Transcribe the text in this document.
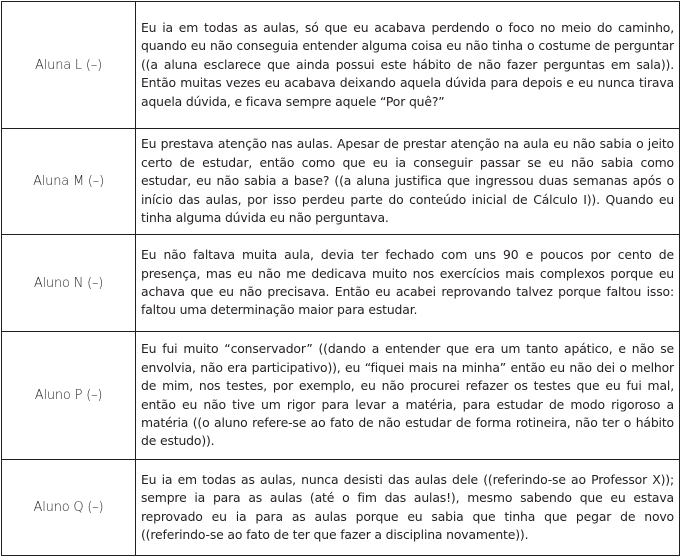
Aluna L (–)	Eu ia em todas as aulas, só que eu acabava perdendo o foco no meio do caminho, quando eu não conseguia entender alguma coisa eu não tinha o costume de perguntar ((a aluna esclarece que ainda possui este hábito de não fazer perguntas em sala)). Então muitas vezes eu acabava deixando aquela dúvida para depois e eu nunca tirava aquela dúvida, e ficava sempre aquele “Por quê?”
Aluna M (–)	Eu prestava atenção nas aulas. Apesar de prestar atenção na aula eu não sabia o jeito certo de estudar, então como que eu ia conseguir passar se eu não sabia como estudar, eu não sabia a base? ((a aluna justifica que ingressou duas semanas após o início das aulas, por isso perdeu parte do conteúdo inicial de Cálculo I)). Quando eu tinha alguma dúvida eu não perguntava.
Aluno N (–)	Eu não faltava muita aula, devia ter fechado com uns 90 e poucos por cento de presença, mas eu não me dedicava muito nos exercícios mais complexos porque eu achava que eu não precisava. Então eu acabei reprovando talvez porque faltou isso: faltou uma determinação maior para estudar.
Aluno P (–)	Eu fui muito “conservador” ((dando a entender que era um tanto apático, e não se envolvia, não era participativo)), eu “fiquei mais na minha” então eu não dei o melhor de mim, nos testes, por exemplo, eu não procurei refazer os testes que eu fui mal, então eu não tive um rigor para levar a matéria, para estudar de modo rigoroso a matéria ((o aluno refere-se ao fato de não estudar de forma rotineira, não ter o hábito de estudo)).
Aluno Q (–)	Eu ia em todas as aulas, nunca desisti das aulas dele ((referindo-se ao Professor X)); sempre ia para as aulas (até o fim das aulas!), mesmo sabendo que eu estava reprovado eu ia para as aulas porque eu sabia que tinha que pegar de novo ((referindo-se ao fato de ter que fazer a disciplina novamente)).
